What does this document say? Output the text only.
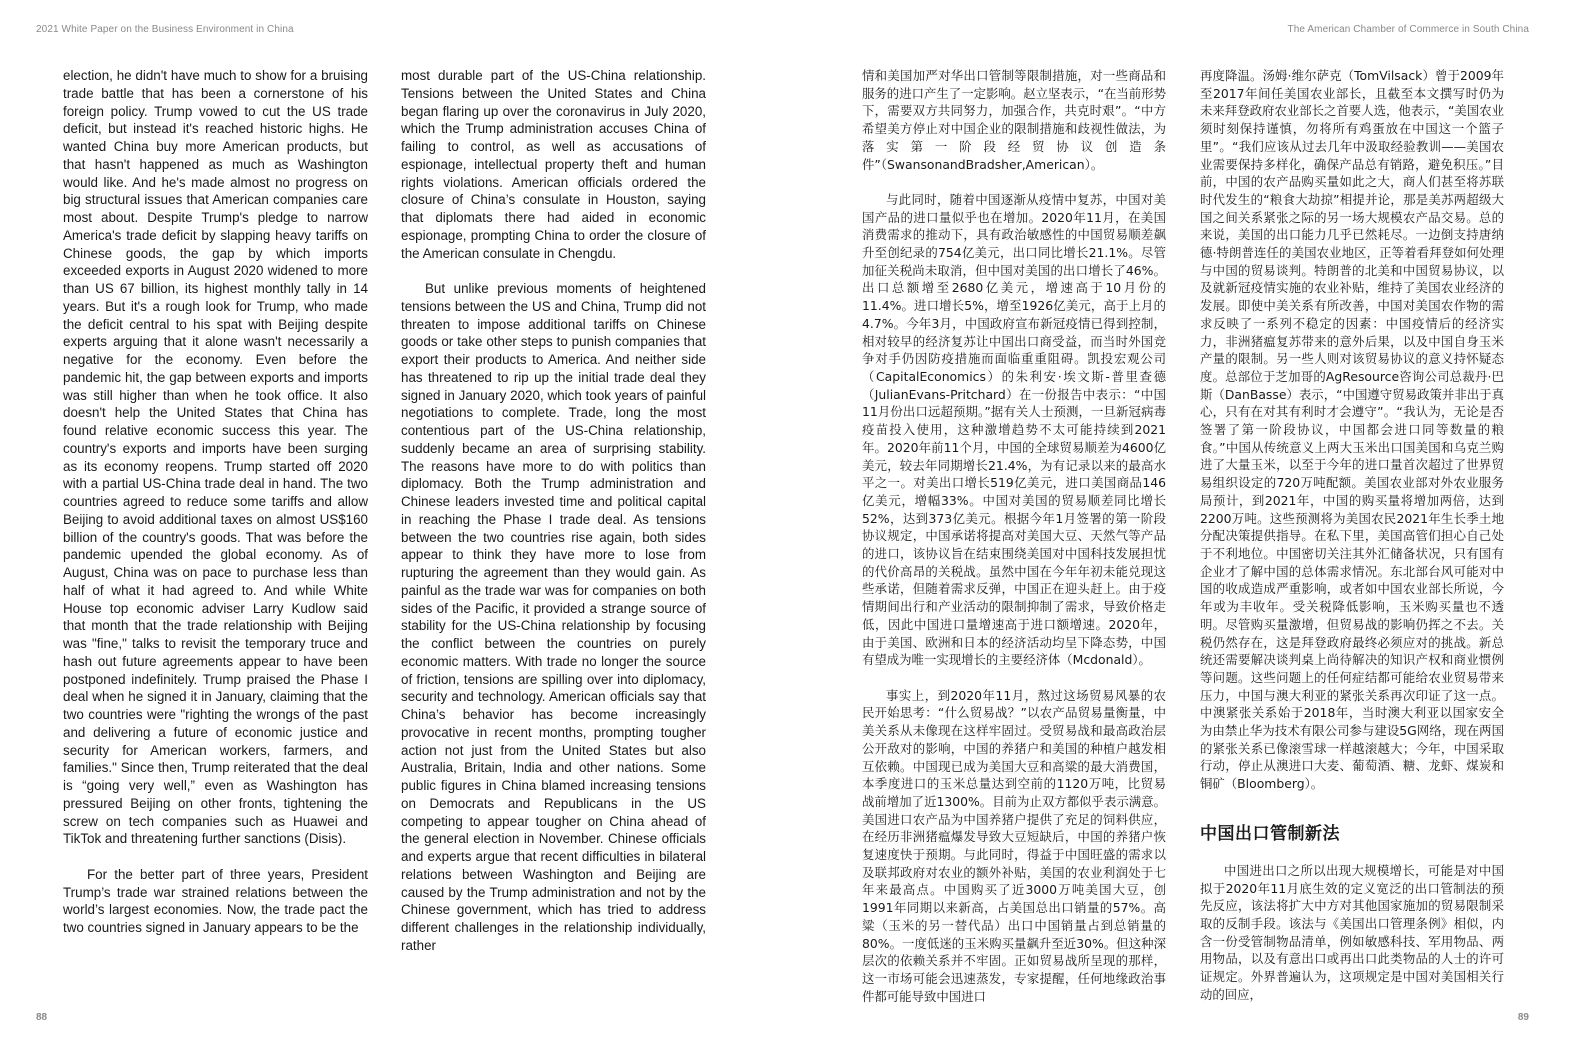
2021 White Paper on the Business Environment in China	The American Chamber of Commerce in South China

election, he didn't have much to show for a bruising trade battle that has been a cornerstone of his foreign policy. Trump vowed to cut the US trade deficit, but instead it's reached historic highs. He wanted China buy more American products, but that hasn't happened as much as Washington would like. And he's made almost no progress on big structural issues that American companies care most about. Despite Trump's pledge to narrow America's trade deficit by slapping heavy tariffs on Chinese goods, the gap by which imports exceeded exports in August 2020 widened to more than US 67 billion, its highest monthly tally in 14 years. But it's a rough look for Trump, who made the deficit central to his spat with Beijing despite experts arguing that it alone wasn't necessarily a negative for the economy. Even before the pandemic hit, the gap between exports and imports was still higher than when he took office. It also doesn't help the United States that China has found relative economic success this year. The country's exports and imports have been surging as its economy reopens. Trump started off 2020 with a partial US-China trade deal in hand. The two countries agreed to reduce some tariffs and allow Beijing to avoid additional taxes on almost US$160 billion of the country's goods. That was before the pandemic upended the global economy. As of August, China was on pace to purchase less than half of what it had agreed to. And while White House top economic adviser Larry Kudlow said that month that the trade relationship with Beijing was "fine," talks to revisit the temporary truce and hash out future agreements appear to have been postponed indefinitely. Trump praised the Phase I deal when he signed it in January, claiming that the two countries were "righting the wrongs of the past and delivering a future of economic justice and security for American workers, farmers, and families." Since then, Trump reiterated that the deal is “going very well,” even as Washington has pressured Beijing on other fronts, tightening the screw on tech companies such as Huawei and TikTok and threatening further sanctions (Disis).

For the better part of three years, President Trump’s trade war strained relations between the world’s largest economies. Now, the trade pact the two countries signed in January appears to be the

most durable part of the US-China relationship. Tensions between the United States and China began flaring up over the coronavirus in July 2020, which the Trump administration accuses China of failing to control, as well as accusations of espionage, intellectual property theft and human rights violations. American officials ordered the closure of China’s consulate in Houston, saying that diplomats there had aided in economic espionage, prompting China to order the closure of the American consulate in Chengdu.

But unlike previous moments of heightened tensions between the US and China, Trump did not threaten to impose additional tariffs on Chinese goods or take other steps to punish companies that export their products to America. And neither side has threatened to rip up the initial trade deal they signed in January 2020, which took years of painful negotiations to complete. Trade, long the most contentious part of the US-China relationship, suddenly became an area of surprising stability. The reasons have more to do with politics than diplomacy. Both the Trump administration and Chinese leaders invested time and political capital in reaching the Phase I trade deal. As tensions between the two countries rise again, both sides appear to think they have more to lose from rupturing the agreement than they would gain. As painful as the trade war was for companies on both sides of the Pacific, it provided a strange source of stability for the US-China relationship by focusing the conflict between the countries on purely economic matters. With trade no longer the source of friction, tensions are spilling over into diplomacy, security and technology. American officials say that China’s behavior has become increasingly provocative in recent months, prompting tougher action not just from the United States but also Australia, Britain, India and other nations. Some public figures in China blamed increasing tensions on Democrats and Republicans in the US competing to appear tougher on China ahead of the general election in November. Chinese officials and experts argue that recent difficulties in bilateral relations between Washington and Beijing are caused by the Trump administration and not by the Chinese government, which has tried to address different challenges in the relationship individually, rather

情和美国加严对华出口管制等限制措施，对一些商品和服务的进口产生了一定影响。赵立坚表示，“在当前形势下，需要双方共同努力，加强合作，共克时艰”。“中方希望美方停止对中国企业的限制措施和歧视性做法，为落实第一阶段经贸协议创造条件”（SwansonandBradsher,American）。

与此同时，随着中国逐渐从疫情中复苏，中国对美国产品的进口量似乎也在增加。2020年11月，在美国消费需求的推动下，具有政治敏感性的中国贸易顺差飙升至创纪录的754亿美元，出口同比增长21.1%。尽管加征关税尚未取消，但中国对美国的出口增长了46%。出口总额增至2680亿美元，增速高于10月份的11.4%。进口增长5%，增至1926亿美元，高于上月的4.7%。今年3月，中国政府宣布新冠疫情已得到控制，相对较早的经济复苏让中国出口商受益，而当时外国竞争对手仍因防疫措施而面临重重阻碍。凯投宏观公司（CapitalEconomics）的朱利安·埃文斯-普里查德（JulianEvans-Pritchard）在一份报告中表示：“中国11月份出口远超预期。”据有关人士预测，一旦新冠病毒疫苗投入使用，这种激增趋势不太可能持续到2021年。2020年前11个月，中国的全球贸易顺差为4600亿美元，较去年同期增长21.4%，为有记录以来的最高水平之一。对美出口增长519亿美元，进口美国商品146亿美元，增幅33%。中国对美国的贸易顺差同比增长52%，达到373亿美元。根据今年1月签署的第一阶段协议规定，中国承诺将提高对美国大豆、天然气等产品的进口，该协议旨在结束围绕美国对中国科技发展担忧的代价高昂的关税战。虽然中国在今年年初未能兑现这些承诺，但随着需求反弹，中国正在迎头赶上。由于疫情期间出行和产业活动的限制抑制了需求，导致价格走低，因此中国进口量增速高于进口额增速。2020年，由于美国、欧洲和日本的经济活动均呈下降态势，中国有望成为唯一实现增长的主要经济体（Mcdonald）。

事实上，到2020年11月，熬过这场贸易风暴的农民开始思考：“什么贸易战？”以农产品贸易量衡量，中美关系从未像现在这样牢固过。受贸易战和最高政治层公开敌对的影响，中国的养猪户和美国的种植户越发相互依赖。中国现已成为美国大豆和高粱的最大消费国，本季度进口的玉米总量达到空前的1120万吨，比贸易战前增加了近1300%。目前为止双方都似乎表示满意。美国进口农产品为中国养猪户提供了充足的饲料供应，在经历非洲猪瘟爆发导致大豆短缺后，中国的养猪户恢复速度快于预期。与此同时，得益于中国旺盛的需求以及联邦政府对农业的额外补贴，美国的农业利润处于七年来最高点。中国购买了近3000万吨美国大豆，创1991年同期以来新高，占美国总出口销量的57%。高粱（玉米的另一替代品）出口中国销量占到总销量的80%。一度低迷的玉米购买量飙升至近30%。但这种深层次的依赖关系并不牢固。正如贸易战所呈现的那样，这一市场可能会迅速蒸发，专家提醒，任何地缘政治事件都可能导致中国进口

再度降温。汤姆·维尔萨克（TomVilsack）曾于2009年至2017年间任美国农业部长，且截至本文撰写时仍为未来拜登政府农业部长之首要人选，他表示，“美国农业须时刻保持谨慎，勿将所有鸡蛋放在中国这一个篮子里”。“我们应该从过去几年中汲取经验教训——美国农业需要保持多样化，确保产品总有销路，避免积压。”目前，中国的农产品购买量如此之大，商人们甚至将苏联时代发生的“粮食大劫掠”相提并论，那是美苏两超级大国之间关系紧张之际的另一场大规模农产品交易。总的来说，美国的出口能力几乎已然耗尽。一边倒支持唐纳德·特朗普连任的美国农业地区，正等着看拜登如何处理与中国的贸易谈判。特朗普的北美和中国贸易协议，以及就新冠疫情实施的农业补贴，维持了美国农业经济的发展。即使中美关系有所改善，中国对美国农作物的需求反映了一系列不稳定的因素：中国疫情后的经济实力，非洲猪瘟复苏带来的意外后果，以及中国自身玉米产量的限制。另一些人则对该贸易协议的意义持怀疑态度。总部位于芝加哥的AgResource咨询公司总裁丹·巴斯（DanBasse）表示，“中国遵守贸易政策并非出于真心，只有在对其有利时才会遵守”。“我认为，无论是否签署了第一阶段协议，中国都会进口同等数量的粮食。”中国从传统意义上两大玉米出口国美国和乌克兰购进了大量玉米，以至于今年的进口量首次超过了世界贸易组织设定的720万吨配额。美国农业部对外农业服务局预计，到2021年，中国的购买量将增加两倍，达到2200万吨。这些预测将为美国农民2021年生长季土地分配决策提供指导。在私下里，美国高管们担心自己处于不利地位。中国密切关注其外汇储备状况，只有国有企业才了解中国的总体需求情况。东北部台风可能对中国的收成造成严重影响，或者如中国农业部长所说，今年或为丰收年。受关税降低影响，玉米购买量也不透明。尽管购买量激增，但贸易战的影响仍挥之不去。关税仍然存在，这是拜登政府最终必须应对的挑战。新总统还需要解决谈判桌上尚待解决的知识产权和商业惯例等问题。这些问题上的任何症结都可能给农业贸易带来压力，中国与澳大利亚的紧张关系再次印证了这一点。中澳紧张关系始于2018年，当时澳大利亚以国家安全为由禁止华为技术有限公司参与建设5G网络，现在两国的紧张关系已像滚雪球一样越滚越大；今年，中国采取行动，停止从澳进口大麦、葡萄酒、糖、龙虾、煤炭和铜矿（Bloomberg）。

中国出口管制新法

中国进出口之所以出现大规模增长，可能是对中国拟于2020年11月底生效的定义宽泛的出口管制法的预先反应，该法将扩大中方对其他国家施加的贸易限制采取的反制手段。该法与《美国出口管理条例》相似，内含一份受管制物品清单，例如敏感科技、军用物品、两用物品，以及有意出口或再出口此类物品的人士的许可证规定。外界普遍认为，这项规定是中国对美国相关行动的回应，

88	89
